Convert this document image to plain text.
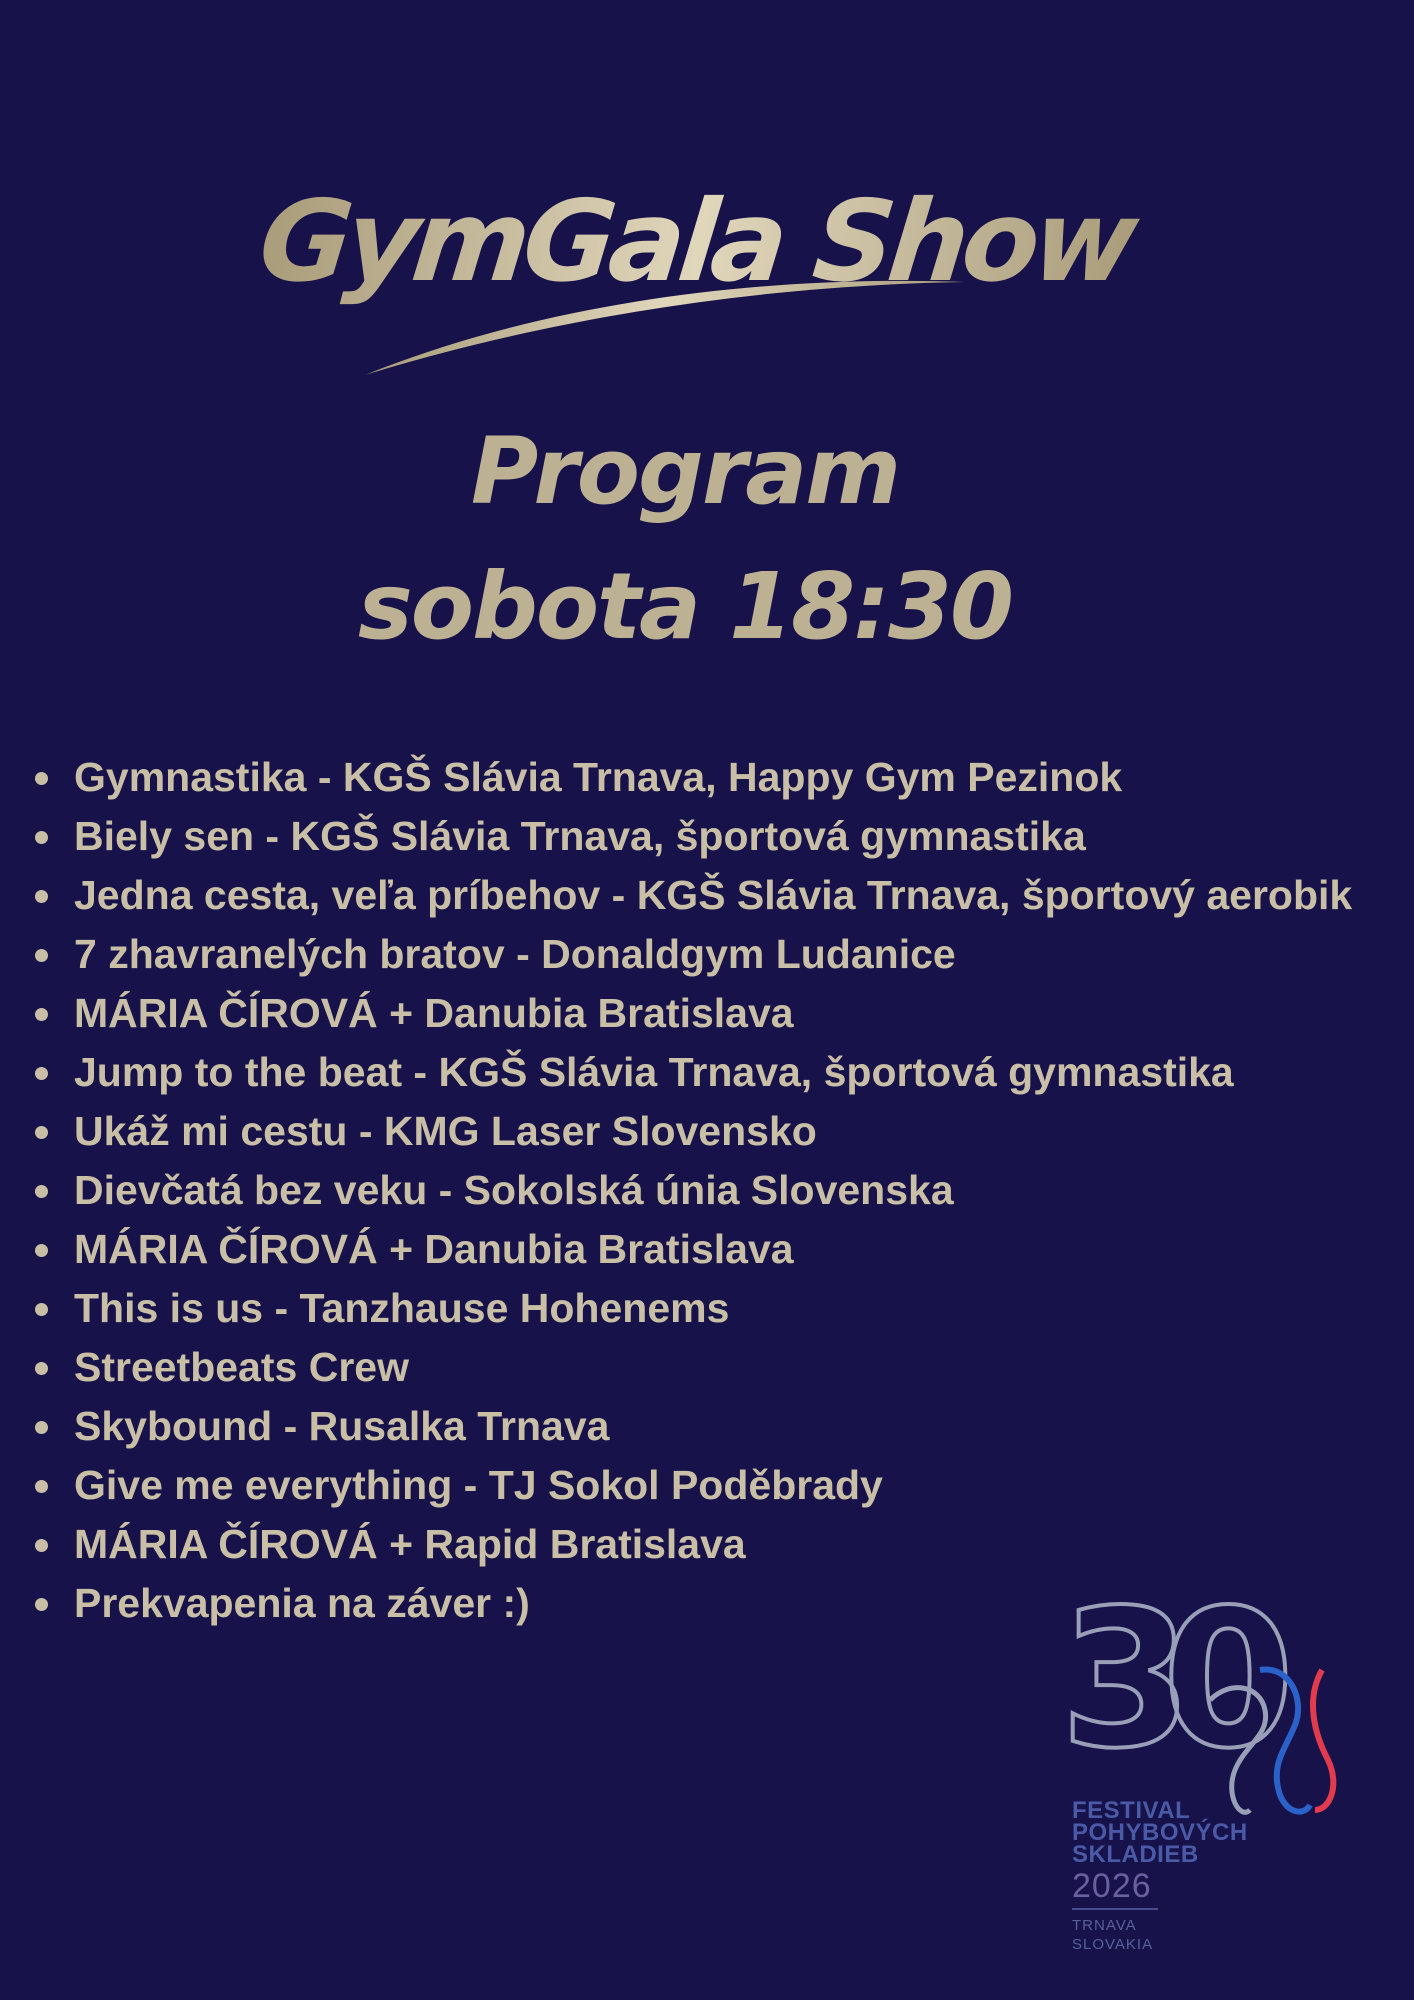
GymGala Show
Program
sobota 18:30
Gymnastika - KGŠ Slávia Trnava, Happy Gym Pezinok
Biely sen - KGŠ Slávia Trnava, športová gymnastika
Jedna cesta, veľa príbehov - KGŠ Slávia Trnava, športový aerobik
7 zhavranelých bratov - Donaldgym Ludanice
MÁRIA ČÍROVÁ + Danubia Bratislava
Jump to the beat - KGŠ Slávia Trnava, športová gymnastika
Ukáž mi cestu - KMG Laser Slovensko
Dievčatá bez veku - Sokolská únia Slovenska
MÁRIA ČÍROVÁ + Danubia Bratislava
This is us - Tanzhause Hohenems
Streetbeats Crew
Skybound - Rusalka Trnava
Give me everything - TJ Sokol Poděbrady
MÁRIA ČÍROVÁ + Rapid Bratislava
Prekvapenia na záver :)	30
FESTIVAL
POHYBOVÝCH
SKLADIEB
2026
TRNAVA
SLOVAKIA
